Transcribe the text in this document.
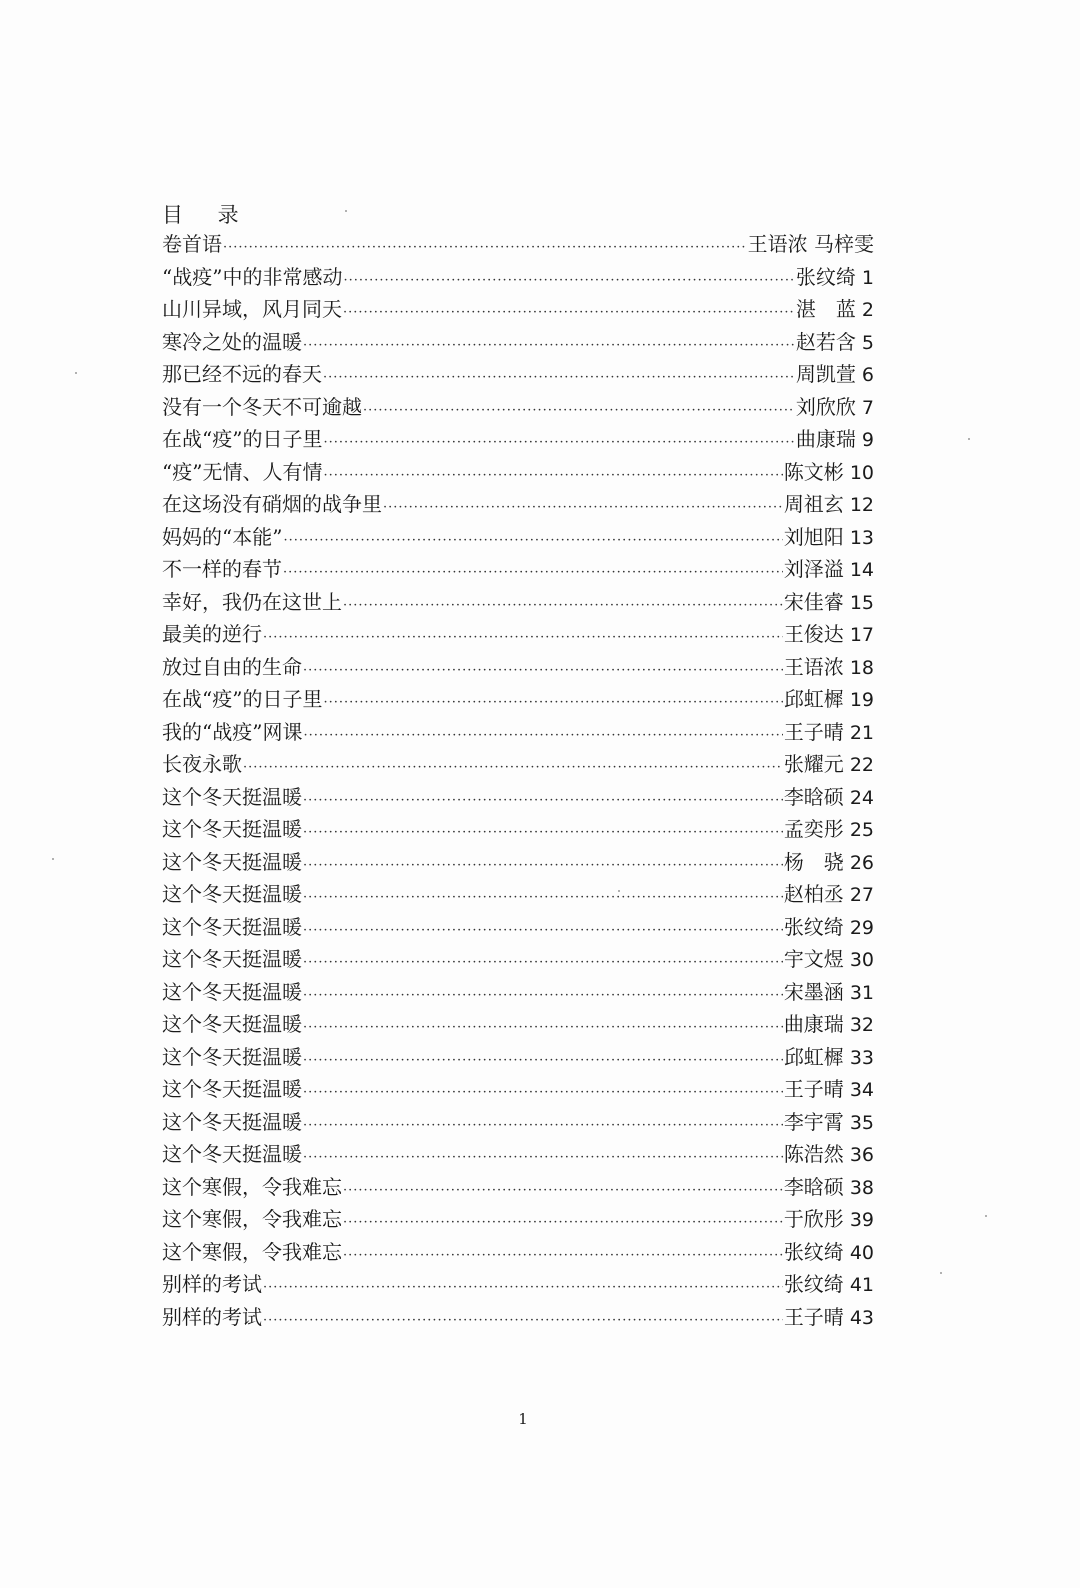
目 录
卷首语 ·····	王语浓 马梓雯
“战疫”中的非常感动 ·····	张纹绮 1
山川异域，风月同天 ·····	湛　蓝 2
寒冷之处的温暖 ·····	赵若含 5
那已经不远的春天 ·····	周凯萱 6
没有一个冬天不可逾越 ·····	刘欣欣 7
在战“疫”的日子里 ·····	曲康瑞 9
“疫”无情、人有情 ·····	陈文彬 10
在这场没有硝烟的战争里 ·····	周祖玄 12
妈妈的“本能” ·····	刘旭阳 13
不一样的春节 ·····	刘泽溢 14
幸好，我仍在这世上 ·····	宋佳睿 15
最美的逆行 ·····	王俊达 17
放过自由的生命 ·····	王语浓 18
在战“疫”的日子里 ·····	邱虹樨 19
我的“战疫”网课 ·····	王子晴 21
长夜永歌 ·····	张耀元 22
这个冬天挺温暖 ·····	李晗硕 24
这个冬天挺温暖 ·····	孟奕彤 25
这个冬天挺温暖 ·····	杨　骁 26
这个冬天挺温暖 ·····	赵柏丞 27
这个冬天挺温暖 ·····	张纹绮 29
这个冬天挺温暖 ·····	宇文煜 30
这个冬天挺温暖 ·····	宋墨涵 31
这个冬天挺温暖 ·····	曲康瑞 32
这个冬天挺温暖 ·····	邱虹樨 33
这个冬天挺温暖 ·····	王子晴 34
这个冬天挺温暖 ·····	李宇霄 35
这个冬天挺温暖 ·····	陈浩然 36
这个寒假，令我难忘 ·····	李晗硕 38
这个寒假，令我难忘 ·····	于欣彤 39
这个寒假，令我难忘 ·····	张纹绮 40
别样的考试 ·····	张纹绮 41
别样的考试 ·····	王子晴 43
1
